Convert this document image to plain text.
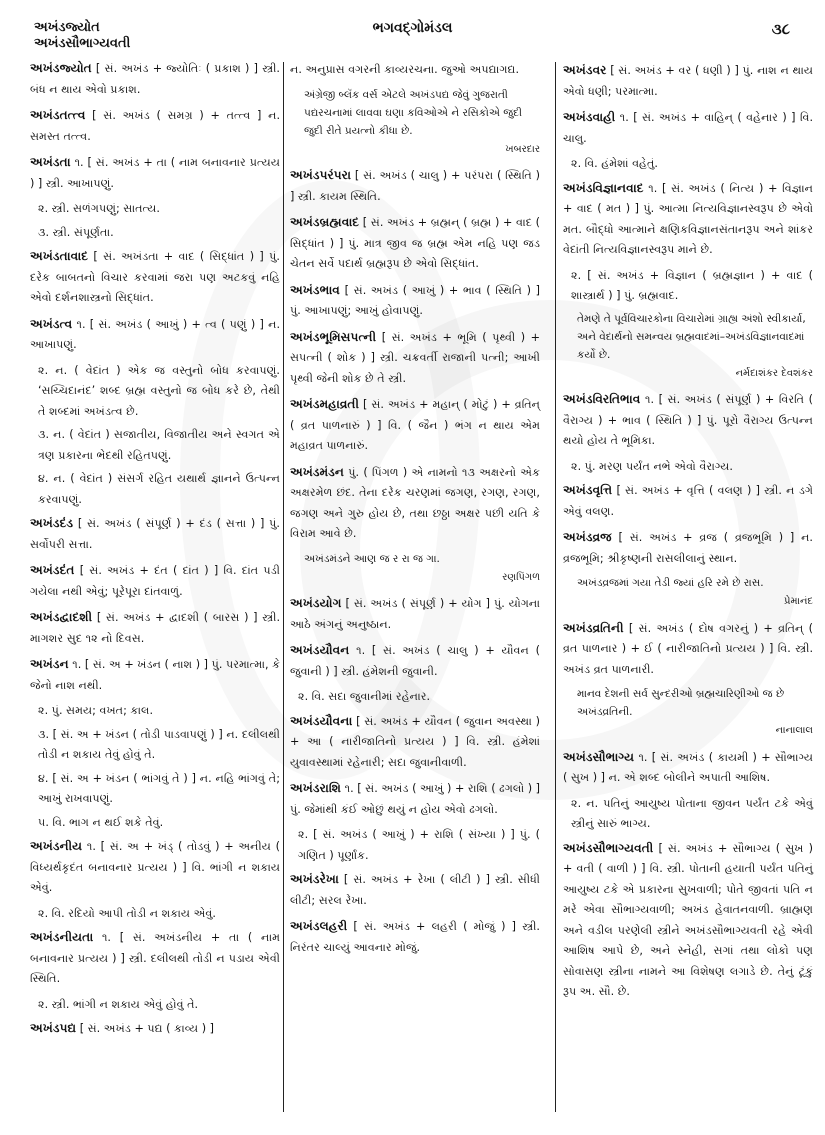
અખંડજ્યોત
અખંડસૌભાગ્યવતી
ભગવદ્ગોમંડલ	૩૮
અખંડજ્યોત [ સં. અખંડ + જ્યોતિઃ ( પ્રકાશ ) ] સ્ત્રી. બંધ ન થાય એવો પ્રકાશ.
અખંડતત્ત્વ [ સં. અખંડ ( સમગ્ર ) + તત્ત્વ ] ન. સમસ્ત તત્ત્વ.
અખંડતા ૧. [ સં. અખંડ + તા ( નામ બનાવનાર પ્રત્યય ) ] સ્ત્રી. આખાપણું.
૨. સ્ત્રી. સળંગપણું; સાતત્ય.
૩. સ્ત્રી. સંપૂર્ણતા.
અખંડતાવાદ [ સં. અખંડતા + વાદ ( સિદ્ધાંત ) ] પું. દરેક બાબતનો વિચાર કરવામાં જરા પણ અટકવું નહિ એવો દર્શનશાસ્ત્રનો સિદ્ધાંત.
અખંડત્વ ૧. [ સં. અખંડ ( આખું ) + ત્વ ( પણું ) ] ન. આખાપણું.
૨. ન. ( વેદાંત ) એક જ વસ્તુનો બોધ કરવાપણું. ‘સચ્ચિદાનંદ’ શબ્દ બ્રહ્મ વસ્તુનો જ બોધ કરે છે, તેથી તે શબ્દમાં અખંડત્વ છે.
૩. ન. ( વેદાંત ) સજાતીય, વિજાતીય અને સ્વગત એ ત્રણ પ્રકારના ભેદથી રહિતપણું.
૪. ન. ( વેદાંત ) સંસર્ગ રહિત યથાર્થ જ્ઞાનને ઉત્પન્ન કરવાપણું.
અખંડદંડ [ સં. અખંડ ( સંપૂર્ણ ) + દંડ ( સત્તા ) ] પું. સર્વોપરી સત્તા.
અખંડદંત [ સં. અખંડ + દંત ( દાંત ) ] વિ. દાંત પડી ગયેલા નથી એવું; પૂરેપૂરા દાંતવાળું.
અખંડદ્વાદશી [ સં. અખંડ + દ્વાદશી ( બારસ ) ] સ્ત્રી. માગશર સુદ ૧૨ નો દિવસ.
અખંડન ૧. [ સં. અ + ખંડન ( નાશ ) ] પું. પરમાત્મા, કે જેનો નાશ નથી.
૨. પું. સમય; વખત; કાલ.
૩. [ સં. અ + ખંડન ( તોડી પાડવાપણું ) ] ન. દલીલથી તોડી ન શકાય તેવું હોવું તે.
૪. [ સં. અ + ખંડન ( ભાંગવું તે ) ] ન. નહિ ભાંગવું તે; આખું રાખવાપણું.
૫. વિ. ભાગ ન થઈ શકે તેવું.
અખંડનીય ૧. [ સં. અ + ખંડ્ ( તોડવું ) + અનીય ( વિધ્યર્થકૃદંત બનાવનાર પ્રત્યય ) ] વિ. ભાંગી ન શકાય એવું.
૨. વિ. રદિયો આપી તોડી ન શકાય એવું.
અખંડનીયતા ૧. [ સં. અખંડનીય + તા ( નામ બનાવનાર પ્રત્યય ) ] સ્ત્રી. દલીલથી તોડી ન પડાય એવી સ્થિતિ.
૨. સ્ત્રી. ભાંગી ન શકાય એવું હોવું તે.
અખંડપદ્ય [ સં. અખંડ + પદ્ય ( કાવ્ય ) ]
ન. અનુપ્રાસ વગરની કાવ્યરચના. જુઓ અપદ્યાગદ્ય.
અંગ્રેજી બ્લૅંક વર્સ એટલે અખંડપદ્ય જેવું ગુજરાતી પદ્યરચનામાં લાવવા ઘણા કવિઓએ ને રસિકોએ જુદી જુદી રીતે પ્રયત્નો કીધા છે.
ખબરદાર
અખંડપરંપરા [ સં. અખંડ ( ચાલુ ) + પરંપરા ( સ્થિતિ ) ] સ્ત્રી. કાયમ સ્થિતિ.
અખંડબ્રહ્મવાદ [ સં. અખંડ + બ્રહ્મન્ ( બ્રહ્મ ) + વાદ ( સિદ્ધાંત ) ] પું. માત્ર જીવ જ બ્રહ્મ એમ નહિ પણ જડ ચેતન સર્વે પદાર્થ બ્રહ્મરૂપ છે એવો સિદ્ધાંત.
અખંડભાવ [ સં. અખંડ ( આખું ) + ભાવ ( સ્થિતિ ) ] પું. આખાપણું; આખું હોવાપણું.
અખંડભૂમિસપત્ની [ સં. અખંડ + ભૂમિ ( પૃથ્વી ) + સપત્ની ( શોક ) ] સ્ત્રી. ચક્રવર્તી રાજાની પત્ની; આખી પૃથ્વી જેની શોક છે તે સ્ત્રી.
અખંડમહાવ્રતી [ સં. અખંડ + મહાન્ ( મોટું ) + વ્રતિન્ ( વ્રત પાળનારું ) ] વિ. ( જૈન ) ભંગ ન થાય એમ મહાવ્રત પાળનારું.
અખંડમંડન પું. ( પિંગળ ) એ નામનો ૧૩ અક્ષરનો એક અક્ષરમેળ છંદ. તેના દરેક ચરણમાં જગણ, રગણ, રગણ, જગણ અને ગુરુ હોય છે, તથા છઠ્ઠા અક્ષર પછી યતિ કે વિરામ આવે છે.
અખંડમંડને આણ જ ર રા જ ગા.
રણપિંગળ
અખંડયોગ [ સં. અખંડ ( સંપૂર્ણ ) + યોગ ] પું. યોગના આઠે અંગનું અનુષ્ઠાન.
અખંડયૌવન ૧. [ સં. અખંડ ( ચાલુ ) + યૌવન ( જુવાની ) ] સ્ત્રી. હંમેશની જુવાની.
૨. વિ. સદા જુવાનીમાં રહેનાર.
અખંડયૌવના [ સં. અખંડ + યૌવન ( જુવાન અવસ્થા ) + આ ( નારીજાતિનો પ્રત્યય ) ] વિ. સ્ત્રી. હંમેશાં યુવાવસ્થામાં રહેનારી; સદા જુવાનીવાળી.
અખંડરાશિ ૧. [ સં. અખંડ ( આખું ) + રાશિ ( ઢગલો ) ] પું. જેમાંથી કંઈ ઓછું થયું ન હોય એવો ઢગલો.
૨. [ સં. અખંડ ( આખું ) + રાશિ ( સંખ્યા ) ] પું. ( ગણિત ) પૂર્ણાંક.
અખંડરેખા [ સં. અખંડ + રેખા ( લીટી ) ] સ્ત્રી. સીધી લીટી; સરલ રેખા.
અખંડલહરી [ સં. અખંડ + લહરી ( મોજું ) ] સ્ત્રી. નિરંતર ચાલ્યું આવનાર મોજું.
અખંડવર [ સં. અખંડ + વર ( ધણી ) ] પું. નાશ ન થાય એવો ધણી; પરમાત્મા.
અખંડવાહી ૧. [ સં. અખંડ + વાહિન્ ( વહેનાર ) ] વિ. ચાલુ.
૨. વિ. હંમેશાં વહેતું.
અખંડવિજ્ઞાનવાદ ૧. [ સં. અખંડ ( નિત્ય ) + વિજ્ઞાન + વાદ ( મત ) ] પું. આત્મા નિત્યવિજ્ઞાનસ્વરૂપ છે એવો મત. બૌદ્ધો આત્માને ક્ષણિકવિજ્ઞાનસંતાનરૂપ અને શાંકર વેદાંતી નિત્યવિજ્ઞાનસ્વરૂપ માને છે.
૨. [ સં. અખંડ + વિજ્ઞાન ( બ્રહ્મજ્ઞાન ) + વાદ ( શાસ્ત્રાર્થ ) ] પું. બ્રહ્મવાદ.
તેમણે તે પૂર્વવિચારકોના વિચારોમાં ગ્રાહ્ય અંશો સ્વીકાર્યા, અને વેદાર્થનો સમન્વય બ્રહ્મવાદમાં–અખંડવિજ્ઞાનવાદમાં કર્યો છે.
નર્મદાશંકર દેવશંકર
અખંડવિરતિભાવ ૧. [ સં. અખંડ ( સંપૂર્ણ ) + વિરતિ ( વૈરાગ્ય ) + ભાવ ( સ્થિતિ ) ] પું. પૂરો વૈરાગ્ય ઉત્પન્ન થયો હોય તે ભૂમિકા.
૨. પું. મરણ પર્યંત નભે એવો વૈરાગ્ય.
અખંડવૃત્તિ [ સં. અખંડ + વૃત્તિ ( વલણ ) ] સ્ત્રી. ન ડગે એવું વલણ.
અખંડવ્રજ [ સં. અખંડ + વ્રજ ( વ્રજભૂમિ ) ] ન. વ્રજભૂમિ; શ્રીકૃષ્ણની રાસલીલાનું સ્થાન.
અખંડવ્રજમાં ગયા તેડી જ્યાં હરિ રમે છે રાસ.
પ્રેમાનંદ
અખંડવ્રતિની [ સં. અખંડ ( દોષ વગરનું ) + વ્રતિન્ ( વ્રત પાળનાર ) + ઈ ( નારીજાતિનો પ્રત્યય ) ] વિ. સ્ત્રી. અખંડ વ્રત પાળનારી.
માનવ દેશની સર્વ સુન્દરીઓ બ્રહ્મચારિણીઓ જ છે અખંડવ્રતિની.
નાનાલાલ
અખંડસૌભાગ્ય ૧. [ સં. અખંડ ( કાયમી ) + સૌભાગ્ય ( સુખ ) ] ન. એ શબ્દ બોલીને અપાતી આશિષ.
૨. ન. પતિનું આયુષ્ય પોતાના જીવન પર્યંત ટકે એવું સ્ત્રીનું સારું ભાગ્ય.
અખંડસૌભાગ્યવતી [ સં. અખંડ + સૌભાગ્ય ( સુખ ) + વતી ( વાળી ) ] વિ. સ્ત્રી. પોતાની હયાતી પર્યંત પતિનું આયુષ્ય ટકે એ પ્રકારના સુખવાળી; પોતે જીવતાં પતિ ન મરે એવા સૌભાગ્યવાળી; અખંડ હેવાતનવાળી. બ્રાહ્મણ અને વડીલ પરણેલી સ્ત્રીને અખંડસૌભાગ્યવતી રહે એવી આશિષ આપે છે, અને સ્નેહી, સગાં તથા લોકો પણ સોવાસણ સ્ત્રીના નામને આ વિશેષણ લગાડે છે. તેનું ટૂંકું રૂપ અ. સૌ. છે.
